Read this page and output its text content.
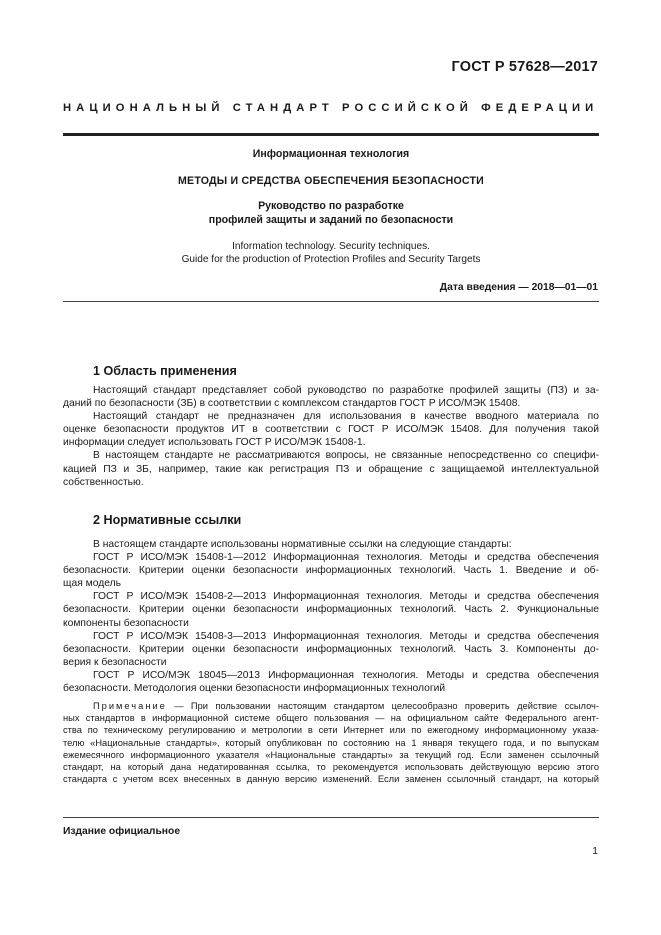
ГОСТ Р 57628—2017
НАЦИОНАЛЬНЫЙ СТАНДАРТ РОССИЙСКОЙ ФЕДЕРАЦИИ
Информационная технология
МЕТОДЫ И СРЕДСТВА ОБЕСПЕЧЕНИЯ БЕЗОПАСНОСТИ
Руководство по разработке
профилей защиты и заданий по безопасности
Information technology. Security techniques.
Guide for the production of Protection Profiles and Security Targets
Дата введения — 2018—01—01
1 Область применения
Настоящий стандарт представляет собой руководство по разработке профилей защиты (ПЗ) и за-
даний по безопасности (ЗБ) в соответствии с комплексом стандартов ГОСТ Р ИСО/МЭК 15408.
Настоящий стандарт не предназначен для использования в качестве вводного материала по
оценке безопасности продуктов ИТ в соответствии с ГОСТ Р ИСО/МЭК 15408. Для получения такой
информации следует использовать ГОСТ Р ИСО/МЭК 15408-1.
В настоящем стандарте не рассматриваются вопросы, не связанные непосредственно со специфи-
кацией ПЗ и ЗБ, например, такие как регистрация ПЗ и обращение с защищаемой интеллектуальной
собственностью.
2 Нормативные ссылки
В настоящем стандарте использованы нормативные ссылки на следующие стандарты:
ГОСТ Р ИСО/МЭК 15408-1—2012 Информационная технология. Методы и средства обеспечения
безопасности. Критерии оценки безопасности информационных технологий. Часть 1. Введение и об-
щая модель
ГОСТ Р ИСО/МЭК 15408-2—2013 Информационная технология. Методы и средства обеспечения
безопасности. Критерии оценки безопасности информационных технологий. Часть 2. Функциональные
компоненты безопасности
ГОСТ Р ИСО/МЭК 15408-3—2013 Информационная технология. Методы и средства обеспечения
безопасности. Критерии оценки безопасности информационных технологий. Часть 3. Компоненты до-
верия к безопасности
ГОСТ Р ИСО/МЭК 18045—2013 Информационная технология. Методы и средства обеспечения
безопасности. Методология оценки безопасности информационных технологий
Примечание — При пользовании настоящим стандартом целесообразно проверить действие ссылоч-
ных стандартов в информационной системе общего пользования — на официальном сайте Федерального агент-
ства по техническому регулированию и метрологии в сети Интернет или по ежегодному информационному указа-
телю «Национальные стандарты», который опубликован по состоянию на 1 января текущего года, и по выпускам
ежемесячного информационного указателя «Национальные стандарты» за текущий год. Если заменен ссылочный
стандарт, на который дана недатированная ссылка, то рекомендуется использовать действующую версию этого
стандарта с учетом всех внесенных в данную версию изменений. Если заменен ссылочный стандарт, на который
Издание официальное
1
